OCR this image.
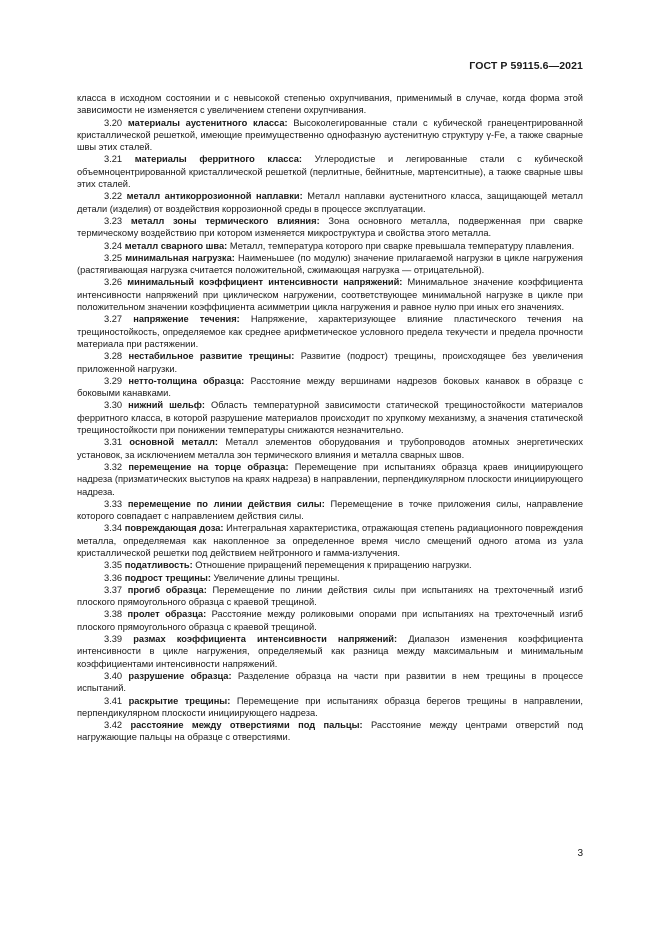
ГОСТ Р 59115.6—2021

класса в исходном состоянии и с невысокой степенью охрупчивания, применимый в случае, когда форма этой зависимости не изменяется с увеличением степени охрупчивания.

3.20 материалы аустенитного класса: Высоколегированные стали с кубической гранецентрированной кристаллической решеткой, имеющие преимущественно однофазную аустенитную структуру γ-Fe, а также сварные швы этих сталей.

3.21 материалы ферритного класса: Углеродистые и легированные стали с кубической объемноцентрированной кристаллической решеткой (перлитные, бейнитные, мартенситные), а также сварные швы этих сталей.

3.22 металл антикоррозионной наплавки: Металл наплавки аустенитного класса, защищающей металл детали (изделия) от воздействия коррозионной среды в процессе эксплуатации.

3.23 металл зоны термического влияния: Зона основного металла, подверженная при сварке термическому воздействию при котором изменяется микроструктура и свойства этого металла.

3.24 металл сварного шва: Металл, температура которого при сварке превышала температуру плавления.

3.25 минимальная нагрузка: Наименьшее (по модулю) значение прилагаемой нагрузки в цикле нагружения (растягивающая нагрузка считается положительной, сжимающая нагрузка — отрицательной).

3.26 минимальный коэффициент интенсивности напряжений: Минимальное значение коэффициента интенсивности напряжений при циклическом нагружении, соответствующее минимальной нагрузке в цикле при положительном значении коэффициента асимметрии цикла нагружения и равное нулю при иных его значениях.

3.27 напряжение течения: Напряжение, характеризующее влияние пластического течения на трещиностойкость, определяемое как среднее арифметическое условного предела текучести и предела прочности материала при растяжении.

3.28 нестабильное развитие трещины: Развитие (подрост) трещины, происходящее без увеличения приложенной нагрузки.

3.29 нетто-толщина образца: Расстояние между вершинами надрезов боковых канавок в образце с боковыми канавками.

3.30 нижний шельф: Область температурной зависимости статической трещиностойкости материалов ферритного класса, в которой разрушение материалов происходит по хрупкому механизму, а значения статической трещиностойкости при понижении температуры снижаются незначительно.

3.31 основной металл: Металл элементов оборудования и трубопроводов атомных энергетических установок, за исключением металла зон термического влияния и металла сварных швов.

3.32 перемещение на торце образца: Перемещение при испытаниях образца краев инициирующего надреза (призматических выступов на краях надреза) в направлении, перпендикулярном плоскости инициирующего надреза.

3.33 перемещение по линии действия силы: Перемещение в точке приложения силы, направление которого совпадает с направлением действия силы.

3.34 повреждающая доза: Интегральная характеристика, отражающая степень радиационного повреждения металла, определяемая как накопленное за определенное время число смещений одного атома из узла кристаллической решетки под действием нейтронного и гамма-излучения.

3.35 податливость: Отношение приращений перемещения к приращению нагрузки.

3.36 подрост трещины: Увеличение длины трещины.

3.37 прогиб образца: Перемещение по линии действия силы при испытаниях на трехточечный изгиб плоского прямоугольного образца с краевой трещиной.

3.38 пролет образца: Расстояние между роликовыми опорами при испытаниях на трехточечный изгиб плоского прямоугольного образца с краевой трещиной.

3.39 размах коэффициента интенсивности напряжений: Диапазон изменения коэффициента интенсивности в цикле нагружения, определяемый как разница между максимальным и минимальным коэффициентами интенсивности напряжений.

3.40 разрушение образца: Разделение образца на части при развитии в нем трещины в процессе испытаний.

3.41 раскрытие трещины: Перемещение при испытаниях образца берегов трещины в направлении, перпендикулярном плоскости инициирующего надреза.

3.42 расстояние между отверстиями под пальцы: Расстояние между центрами отверстий под нагружающие пальцы на образце с отверстиями.

3
